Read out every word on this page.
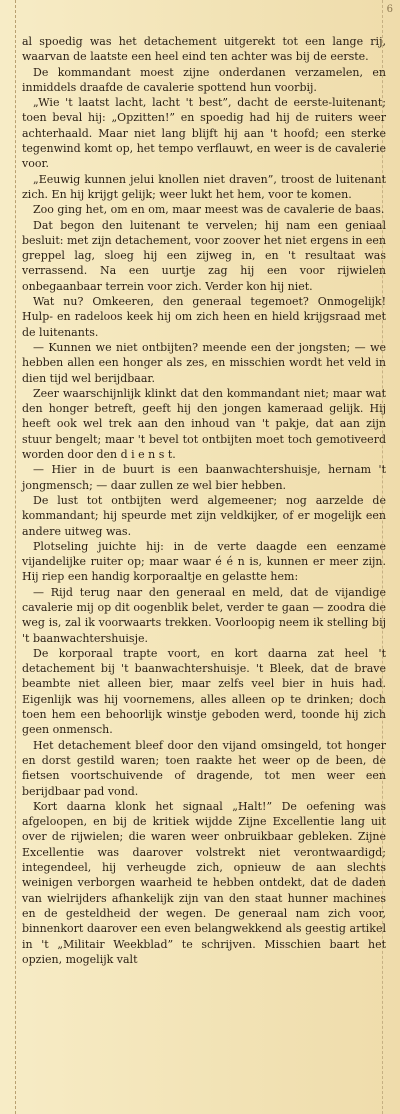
6

al spoedig was het detachement uitgerekt tot een lange rij, waarvan de laatste een heel eind ten achter was bij de eerste.

De kommandant moest zijne onderdanen verzamelen, en inmiddels draafde de cavalerie spottend hun voorbij.

„Wie 't laatst lacht, lacht 't best”, dacht de eerste-luitenant; toen beval hij: „Opzitten!” en spoedig had hij de ruiters weer achterhaald. Maar niet lang blijft hij aan 't hoofd; een sterke tegenwind komt op, het tempo verflauwt, en weer is de cavalerie voor.

„Eeuwig kunnen jelui knollen niet draven”, troost de luitenant zich. En hij krijgt gelijk; weer lukt het hem, voor te komen.

Zoo ging het, om en om, maar meest was de cavalerie de baas.

Dat begon den luitenant te vervelen; hij nam een geniaal besluit: met zijn detachement, voor zoover het niet ergens in een greppel lag, sloeg hij een zijweg in, en 't resultaat was verrassend. Na een uurtje zag hij een voor rijwielen onbegaanbaar terrein voor zich. Verder kon hij niet.

Wat nu? Omkeeren, den generaal tegemoet? Onmogelijk! Hulp- en radeloos keek hij om zich heen en hield krijgsraad met de luitenants.

— Kunnen we niet ontbijten? meende een der jongsten; — we hebben allen een honger als zes, en misschien wordt het veld in dien tijd wel berijdbaar.

Zeer waarschijnlijk klinkt dat den kommandant niet; maar wat den honger betreft, geeft hij den jongen kameraad gelijk. Hij heeft ook wel trek aan den inhoud van 't pakje, dat aan zijn stuur bengelt; maar 't bevel tot ontbijten moet toch gemotiveerd worden door den d i e n s t.

— Hier in de buurt is een baanwachtershuisje, hernam 't jongmensch; — daar zullen ze wel bier hebben.

De lust tot ontbijten werd algemeener; nog aarzelde de kommandant; hij speurde met zijn veldkijker, of er mogelijk een andere uitweg was.

Plotseling juichte hij: in de verte daagde een eenzame vijandelijke ruiter op; maar waar é é n is, kunnen er meer zijn. Hij riep een handig korporaaltje en gelastte hem:

— Rijd terug naar den generaal en meld, dat de vijandige cavalerie mij op dit oogenblik belet, verder te gaan — zoodra die weg is, zal ik voorwaarts trekken. Voorloopig neem ik stelling bij 't baanwachtershuisje.

De korporaal trapte voort, en kort daarna zat heel 't detachement bij 't baanwachtershuisje. 't Bleek, dat de brave beambte niet alleen bier, maar zelfs veel bier in huis had. Eigenlijk was hij voornemens, alles alleen op te drinken; doch toen hem een behoorlijk winstje geboden werd, toonde hij zich geen onmensch.

Het detachement bleef door den vijand omsingeld, tot honger en dorst gestild waren; toen raakte het weer op de been, de fietsen voortschuivende of dragende, tot men weer een berijdbaar pad vond.

Kort daarna klonk het signaal „Halt!” De oefening was afgeloopen, en bij de kritiek wijdde Zijne Excellentie lang uit over de rijwielen; die waren weer onbruikbaar gebleken. Zijne Excellentie was daarover volstrekt niet verontwaardigd; integendeel, hij verheugde zich, opnieuw de aan slechts weinigen verborgen waarheid te hebben ontdekt, dat de daden van wielrijders afhankelijk zijn van den staat hunner machines en de gesteldheid der wegen. De generaal nam zich voor, binnenkort daarover een even belangwekkend als geestig artikel in 't „Militair Weekblad” te schrijven. Misschien baart het opzien, mogelijk valt
